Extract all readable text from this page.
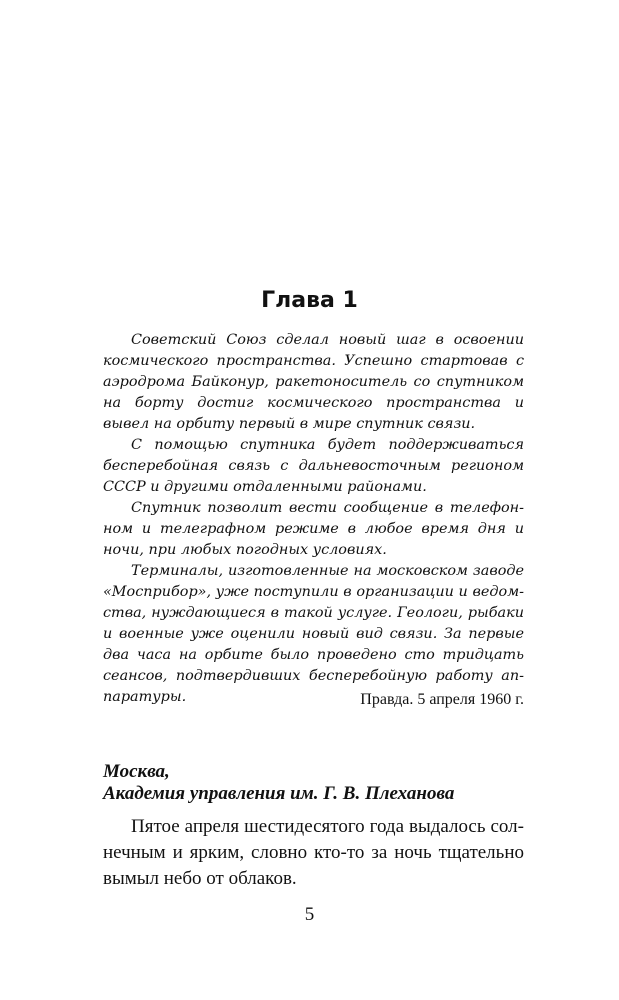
Глава 1

Советский Союз сделал новый шаг в освоении космического пространства. Успешно стартовав с аэродрома Байконур, ракетоноситель со спутником на борту достиг космического пространства и вывел на орбиту первый в мире спутник связи.

С помощью спутника будет поддерживаться бесперебойная связь с дальневосточным регионом СССР и другими отдаленными районами.

Спутник позволит вести сообщение в телефонном и телеграфном режиме в любое время дня и ночи, при любых погодных условиях.

Терминалы, изготовленные на московском заводе «Мосприбор», уже поступили в организации и ведомства, нуждающиеся в такой услуге. Геологи, рыбаки и военные уже оценили новый вид связи. За первые два часа на орбите было проведено сто тридцать сеансов, подтвердивших бесперебойную работу аппаратуры.	Правда. 5 апреля 1960 г.
Москва,
Академия управления им. Г. В. Плеханова

Пятое апреля шестидесятого года выдалось солнечным и ярким, словно кто-то за ночь тщательно вымыл небо от облаков.

5
